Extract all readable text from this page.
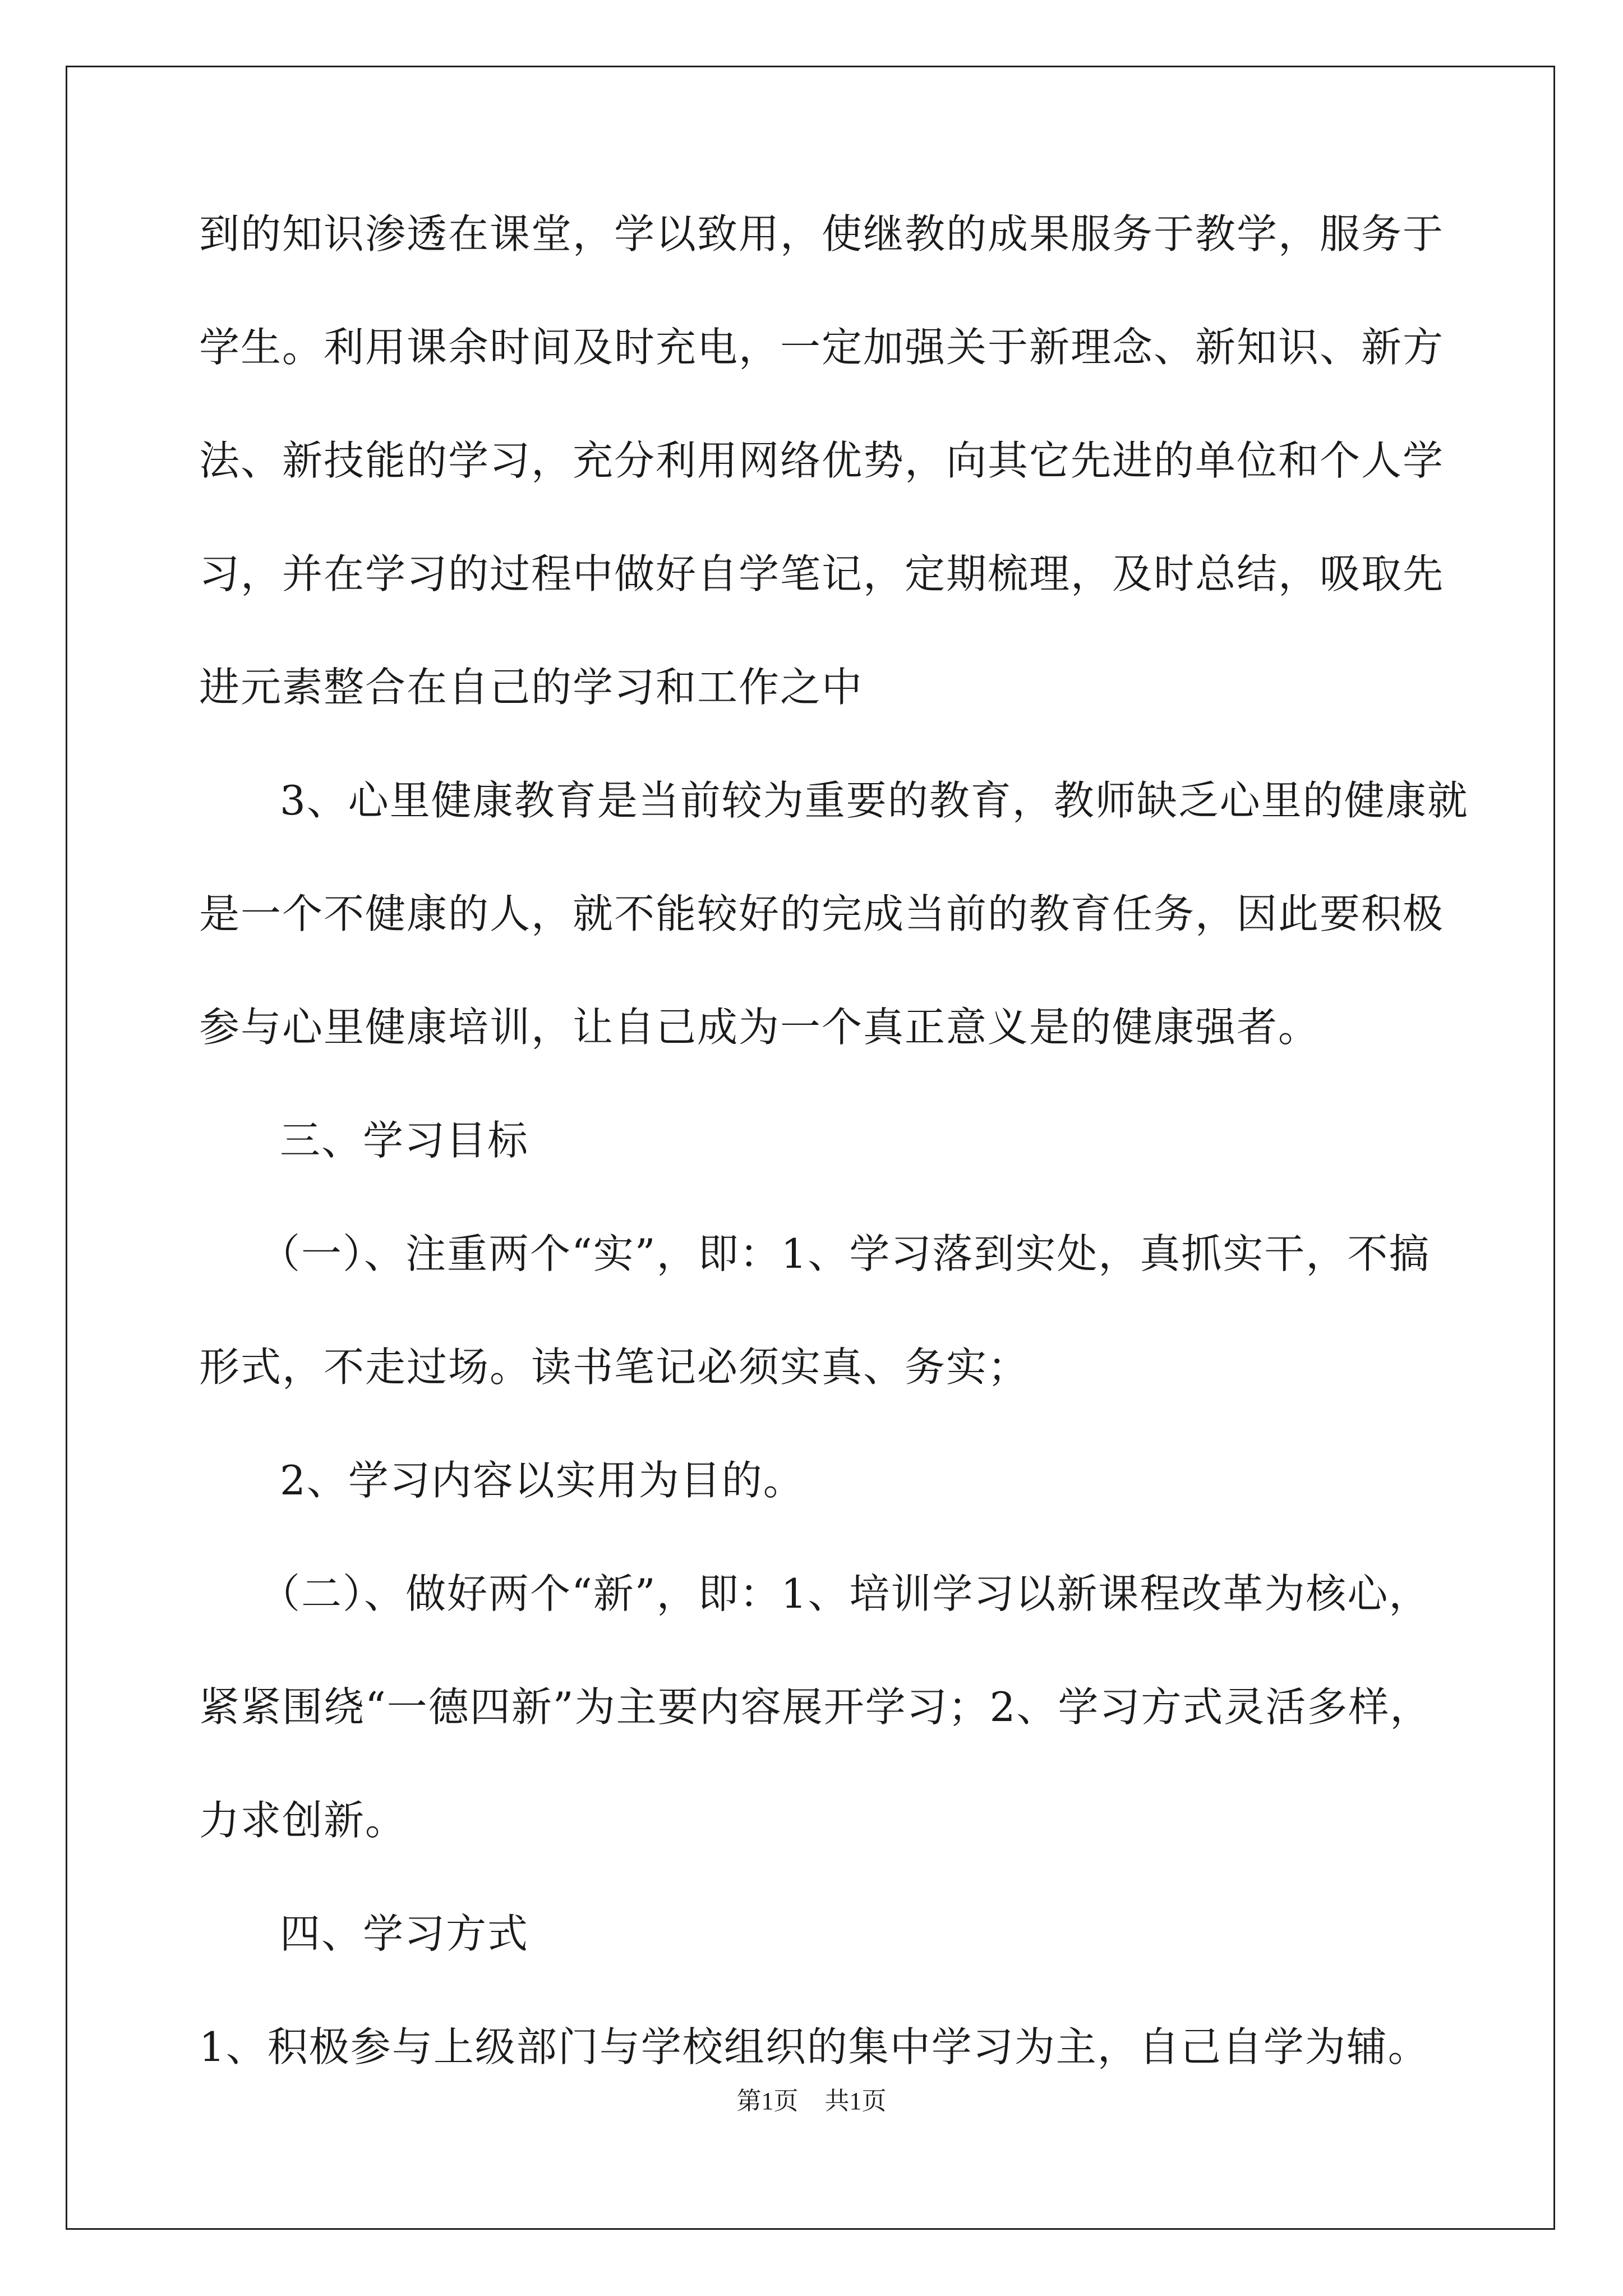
到的知识渗透在课堂，学以致用，使继教的成果服务于教学，服务于
学生。利用课余时间及时充电，一定加强关于新理念、新知识、新方
法、新技能的学习，充分利用网络优势，向其它先进的单位和个人学
习，并在学习的过程中做好自学笔记，定期梳理，及时总结，吸取先
进元素整合在自己的学习和工作之中
3、心里健康教育是当前较为重要的教育，教师缺乏心里的健康就
是一个不健康的人，就不能较好的完成当前的教育任务，因此要积极
参与心里健康培训，让自己成为一个真正意义是的健康强者。
三、学习目标
（一）、注重两个“实”，即：1、学习落到实处，真抓实干，不搞
形式，不走过场。读书笔记必须实真、务实；
2、学习内容以实用为目的。
（二）、做好两个“新”，即：1、培训学习以新课程改革为核心，
紧紧围绕“一德四新”为主要内容展开学习；2、学习方式灵活多样，
力求创新。
四、学习方式
1、积极参与上级部门与学校组织的集中学习为主，自己自学为辅。
第1页 共1页
